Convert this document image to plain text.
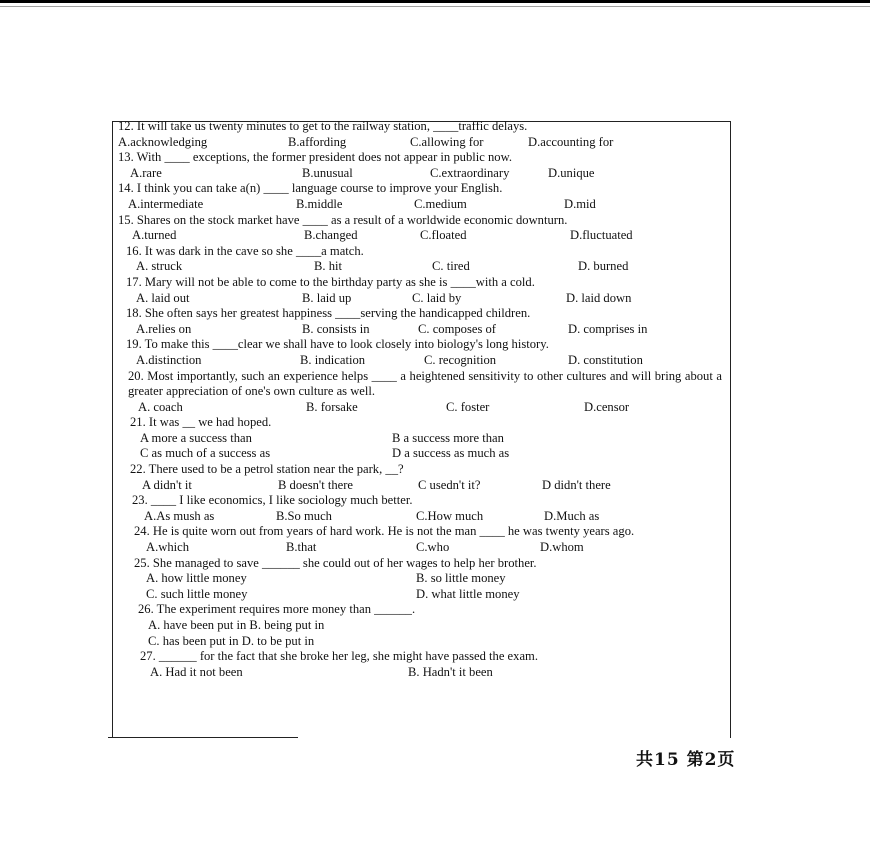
12. It will take us twenty minutes to get to the railway station, ____traffic delays.
A.acknowledging	B.affording	C.allowing for	D.accounting for
13. With ____ exceptions, the former president does not appear in public now.
A.rare	B.unusual	C.extraordinary	D.unique
14. I think you can take a(n) ____ language course to improve your English.
A.intermediate	B.middle	C.medium	D.mid
15. Shares on the stock market have ____ as a result of a worldwide economic downturn.
A.turned	B.changed	C.floated	D.fluctuated
16. It was dark in the cave so she ____a match.
A. struck	B. hit	C. tired	D. burned
17. Mary will not be able to come to the birthday party as she is ____with a cold.
A. laid out	B. laid up	C. laid by	D. laid down
18. She often says her greatest happiness ____serving the handicapped children.
A.relies on	B. consists in	C. composes of	D. comprises in
19. To make this ____clear we shall have to look closely into biology's long history.
A.distinction	B. indication	C. recognition	D. constitution
20. Most importantly, such an experience helps ____ a heightened sensitivity to other cultures and will bring about a greater appreciation of one's own culture as well.
A. coach	B. forsake	C. foster	D.censor
21. It was __ we had hoped.
A more a success than	B a success more than
C as much of a success as	D a success as much as
22. There used to be a petrol station near the park, __?
A didn't it	B doesn't there	C usedn't it?	D didn't there
23. ____ I like economics, I like sociology much better.
A.As mush as	B.So much	C.How much	D.Much as
24. He is quite worn out from years of hard work. He is not the man ____ he was twenty years ago.
A.which	B.that	C.who	D.whom
25. She managed to save ______ she could out of her wages to help her brother.
A. how little money	B. so little money
C. such little money	D. what little money
26. The experiment requires more money than ______.
A. have been put in B. being put in
C. has been put in D. to be put in
27. ______ for the fact that she broke her leg, she might have passed the exam.
A. Had it not been	B. Hadn't it been
共15 第2页
